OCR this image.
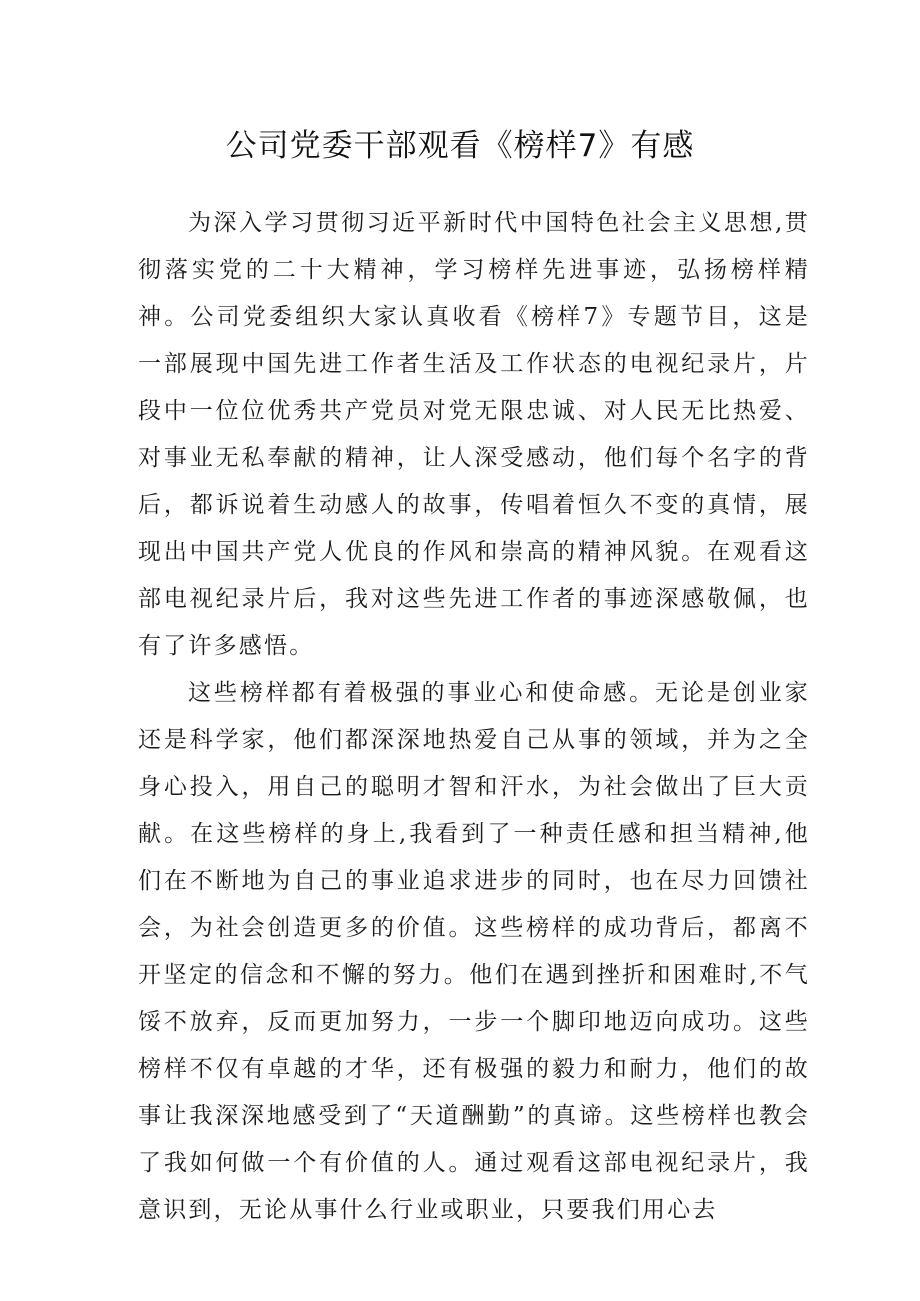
公司党委干部观看《榜样7》有感

为深入学习贯彻习近平新时代中国特色社会主义思想,贯彻落实党的二十大精神，学习榜样先进事迹，弘扬榜样精神。公司党委组织大家认真收看《榜样7》专题节目，这是一部展现中国先进工作者生活及工作状态的电视纪录片，片段中一位位优秀共产党员对党无限忠诚、对人民无比热爱、对事业无私奉献的精神，让人深受感动，他们每个名字的背后，都诉说着生动感人的故事，传唱着恒久不变的真情，展现出中国共产党人优良的作风和崇高的精神风貌。在观看这部电视纪录片后，我对这些先进工作者的事迹深感敬佩，也有了许多感悟。

这些榜样都有着极强的事业心和使命感。无论是创业家还是科学家，他们都深深地热爱自己从事的领域，并为之全身心投入，用自己的聪明才智和汗水，为社会做出了巨大贡献。在这些榜样的身上,我看到了一种责任感和担当精神,他们在不断地为自己的事业追求进步的同时，也在尽力回馈社会，为社会创造更多的价值。这些榜样的成功背后，都离不开坚定的信念和不懈的努力。他们在遇到挫折和困难时,不气馁不放弃，反而更加努力，一步一个脚印地迈向成功。这些榜样不仅有卓越的才华，还有极强的毅力和耐力，他们的故事让我深深地感受到了“天道酬勤”的真谛。这些榜样也教会了我如何做一个有价值的人。通过观看这部电视纪录片，我意识到，无论从事什么行业或职业，只要我们用心去
